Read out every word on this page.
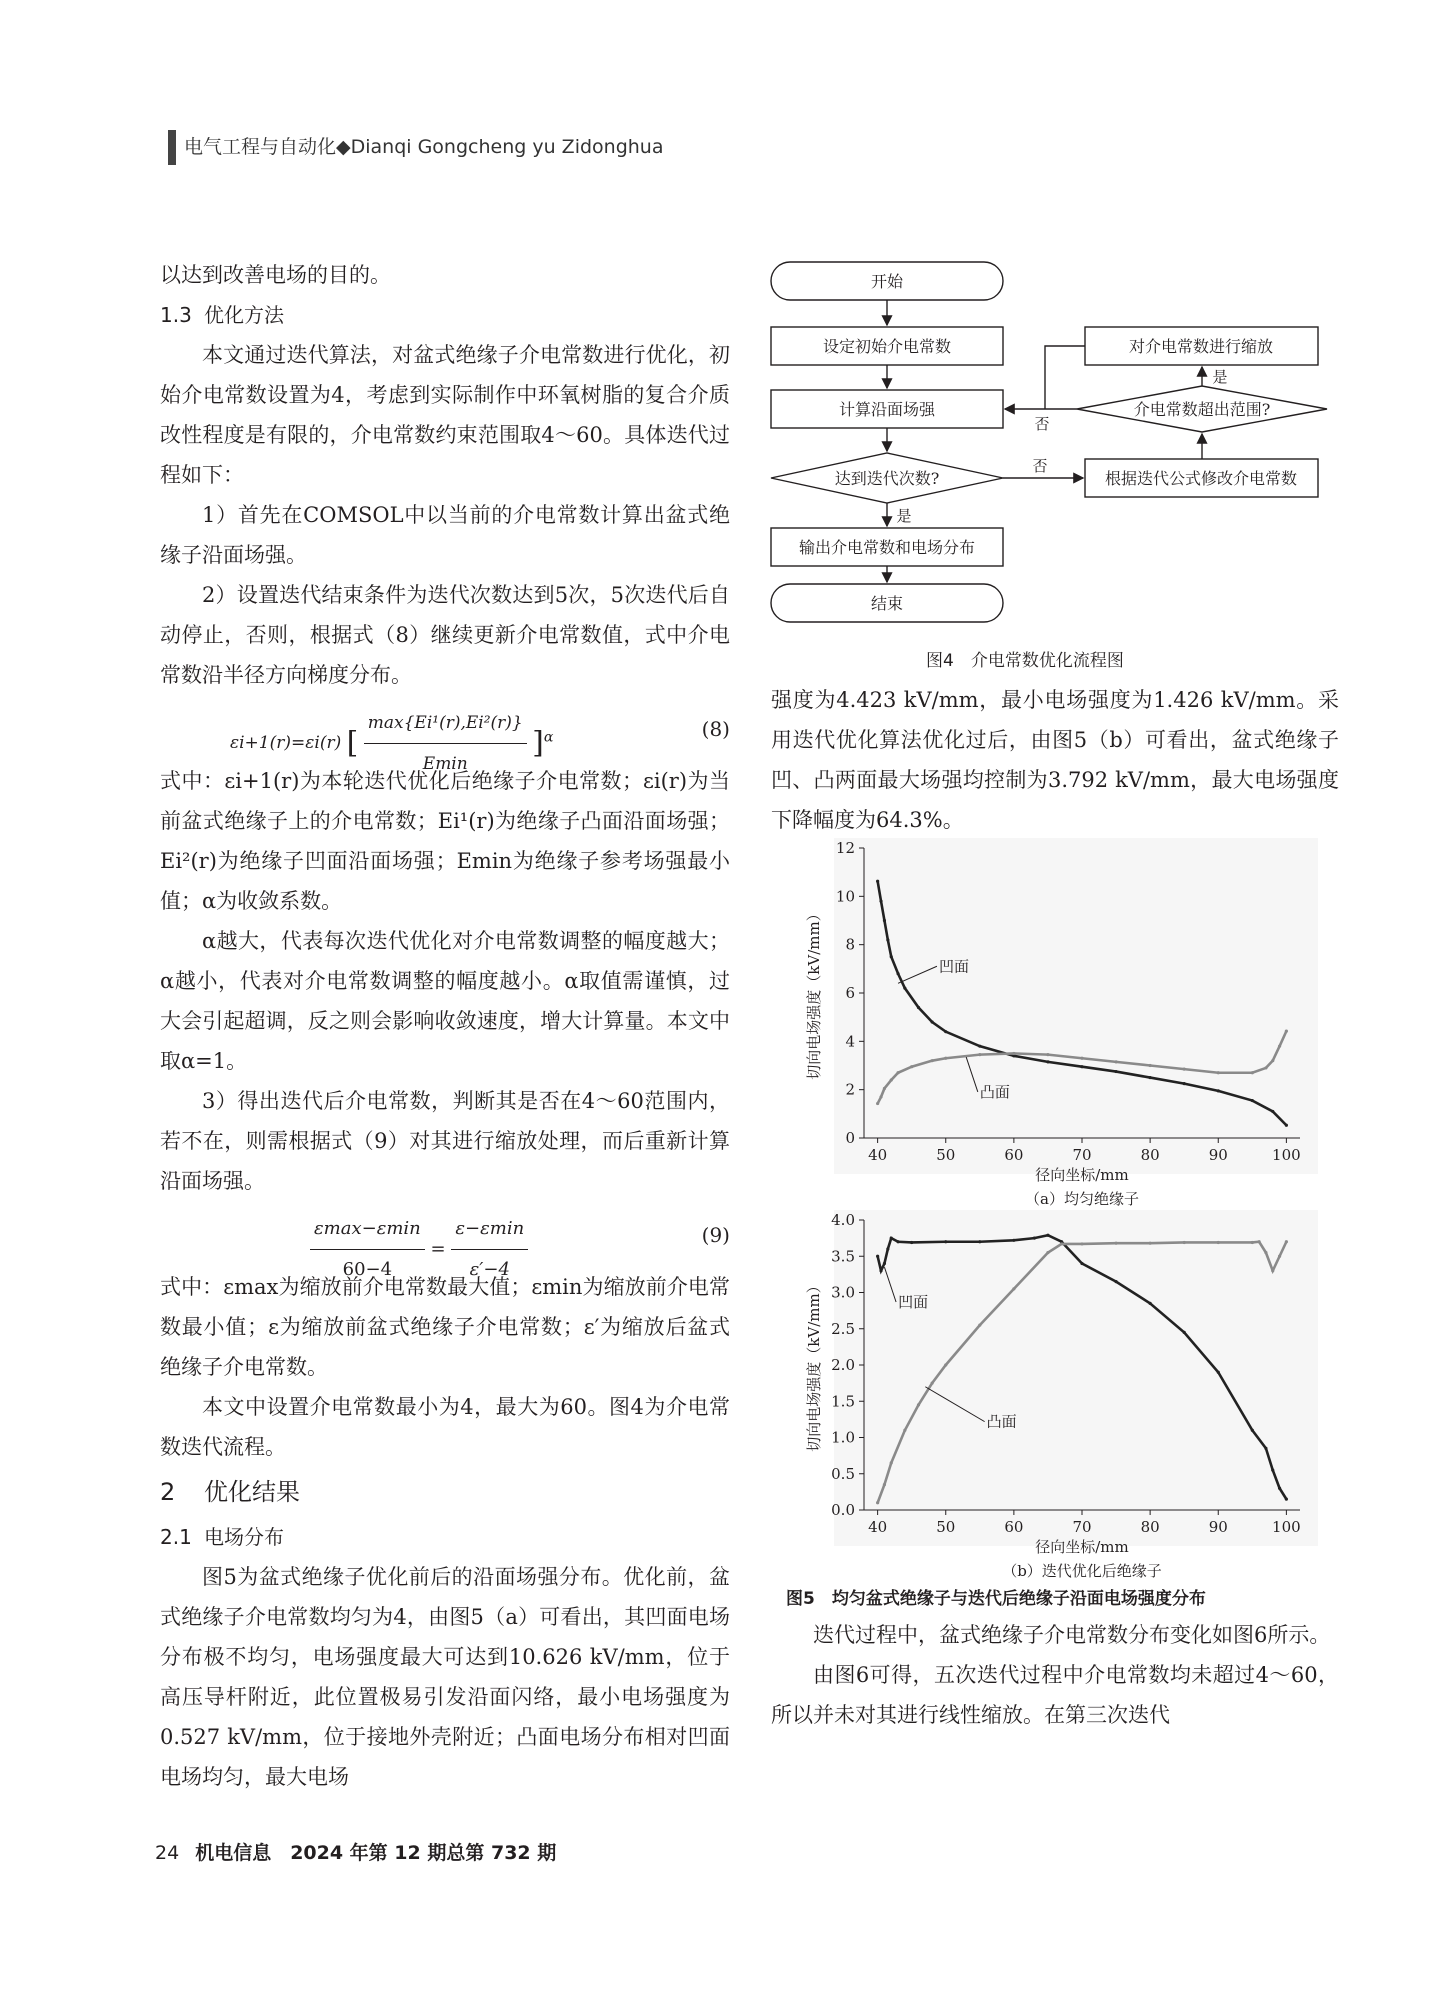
电气工程与自动化◆Dianqi Gongcheng yu Zidonghua

以达到改善电场的目的。

1.3 优化方法

本文通过迭代算法，对盆式绝缘子介电常数进行优化，初始介电常数设置为4，考虑到实际制作中环氧树脂的复合介质改性程度是有限的，介电常数约束范围取4～60。具体迭代过程如下：

1）首先在COMSOL中以当前的介电常数计算出盆式绝缘子沿面场强。

2）设置迭代结束条件为迭代次数达到5次，5次迭代后自动停止，否则，根据式（8）继续更新介电常数值，式中介电常数沿半径方向梯度分布。

εi+1(r)=εi(r) [ $\frac{\text{max\{Ei¹(r),Ei²(r)\}}}{Emin} ]^\alpha$	(8)

式中：εi+1(r)为本轮迭代优化后绝缘子介电常数；εi(r)为当前盆式绝缘子上的介电常数；Ei¹(r)为绝缘子凸面沿面场强；Ei²(r)为绝缘子凹面沿面场强；Emin为绝缘子参考场强最小值；α为收敛系数。

α越大，代表每次迭代优化对介电常数调整的幅度越大；α越小，代表对介电常数调整的幅度越小。α取值需谨慎，过大会引起超调，反之则会影响收敛速度，增大计算量。本文中取α=1。

3）得出迭代后介电常数，判断其是否在4～60范围内，若不在，则需根据式（9）对其进行缩放处理，而后重新计算沿面场强。

$\frac{\varepsilon\max-\varepsilon\min}{60-4} = \frac{\varepsilon-\varepsilon\min}{\varepsilon'-4}$	(9)

式中：εmax为缩放前介电常数最大值；εmin为缩放前介电常数最小值；ε为缩放前盆式绝缘子介电常数；ε′为缩放后盆式绝缘子介电常数。

本文中设置介电常数最小为4，最大为60。图4为介电常数迭代流程。

2 优化结果
2.1 电场分布

图5为盆式绝缘子优化前后的沿面场强分布。优化前，盆式绝缘子介电常数均匀为4，由图5（a）可看出，其凹面电场分布极不均匀，电场强度最大可达到10.626 kV/mm，位于高压导杆附近，此位置极易引发沿面闪络，最小电场强度为0.527 kV/mm，位于接地外壳附近；凸面电场分布相对凹面电场均匀，最大电场

开始
设定初始介电常数
计算沿面场强
达到迭代次数?
输出介电常数和电场分布
结束
对介电常数进行缩放
介电常数超出范围?
根据迭代公式修改介电常数
是
否
是
否
图4　介电常数优化流程图

强度为4.423 kV/mm，最小电场强度为1.426 kV/mm。采用迭代优化算法优化过后，由图5（b）可看出，盆式绝缘子凹、凸两面最大场强均控制为3.792 kV/mm，最大电场强度下降幅度为64.3%。

40	50	60	70	80	90	100
0
2
4
6
8
10
12
径向坐标/mm
切向电场强度（kV/mm）
（a）均匀绝缘子
凹面
凸面
40	50	60	70	80	90	100
0.0
0.5
1.0
1.5
2.0
2.5
3.0
3.5
4.0
径向坐标/mm
切向电场强度（kV/mm）
（b）迭代优化后绝缘子
凹面
凸面
图5　均匀盆式绝缘子与迭代后绝缘子沿面电场强度分布

迭代过程中，盆式绝缘子介电常数分布变化如图6所示。

由图6可得，五次迭代过程中介电常数均未超过4～60，所以并未对其进行线性缩放。在第三次迭代

24 机电信息　2024 年第 12 期总第 732 期
